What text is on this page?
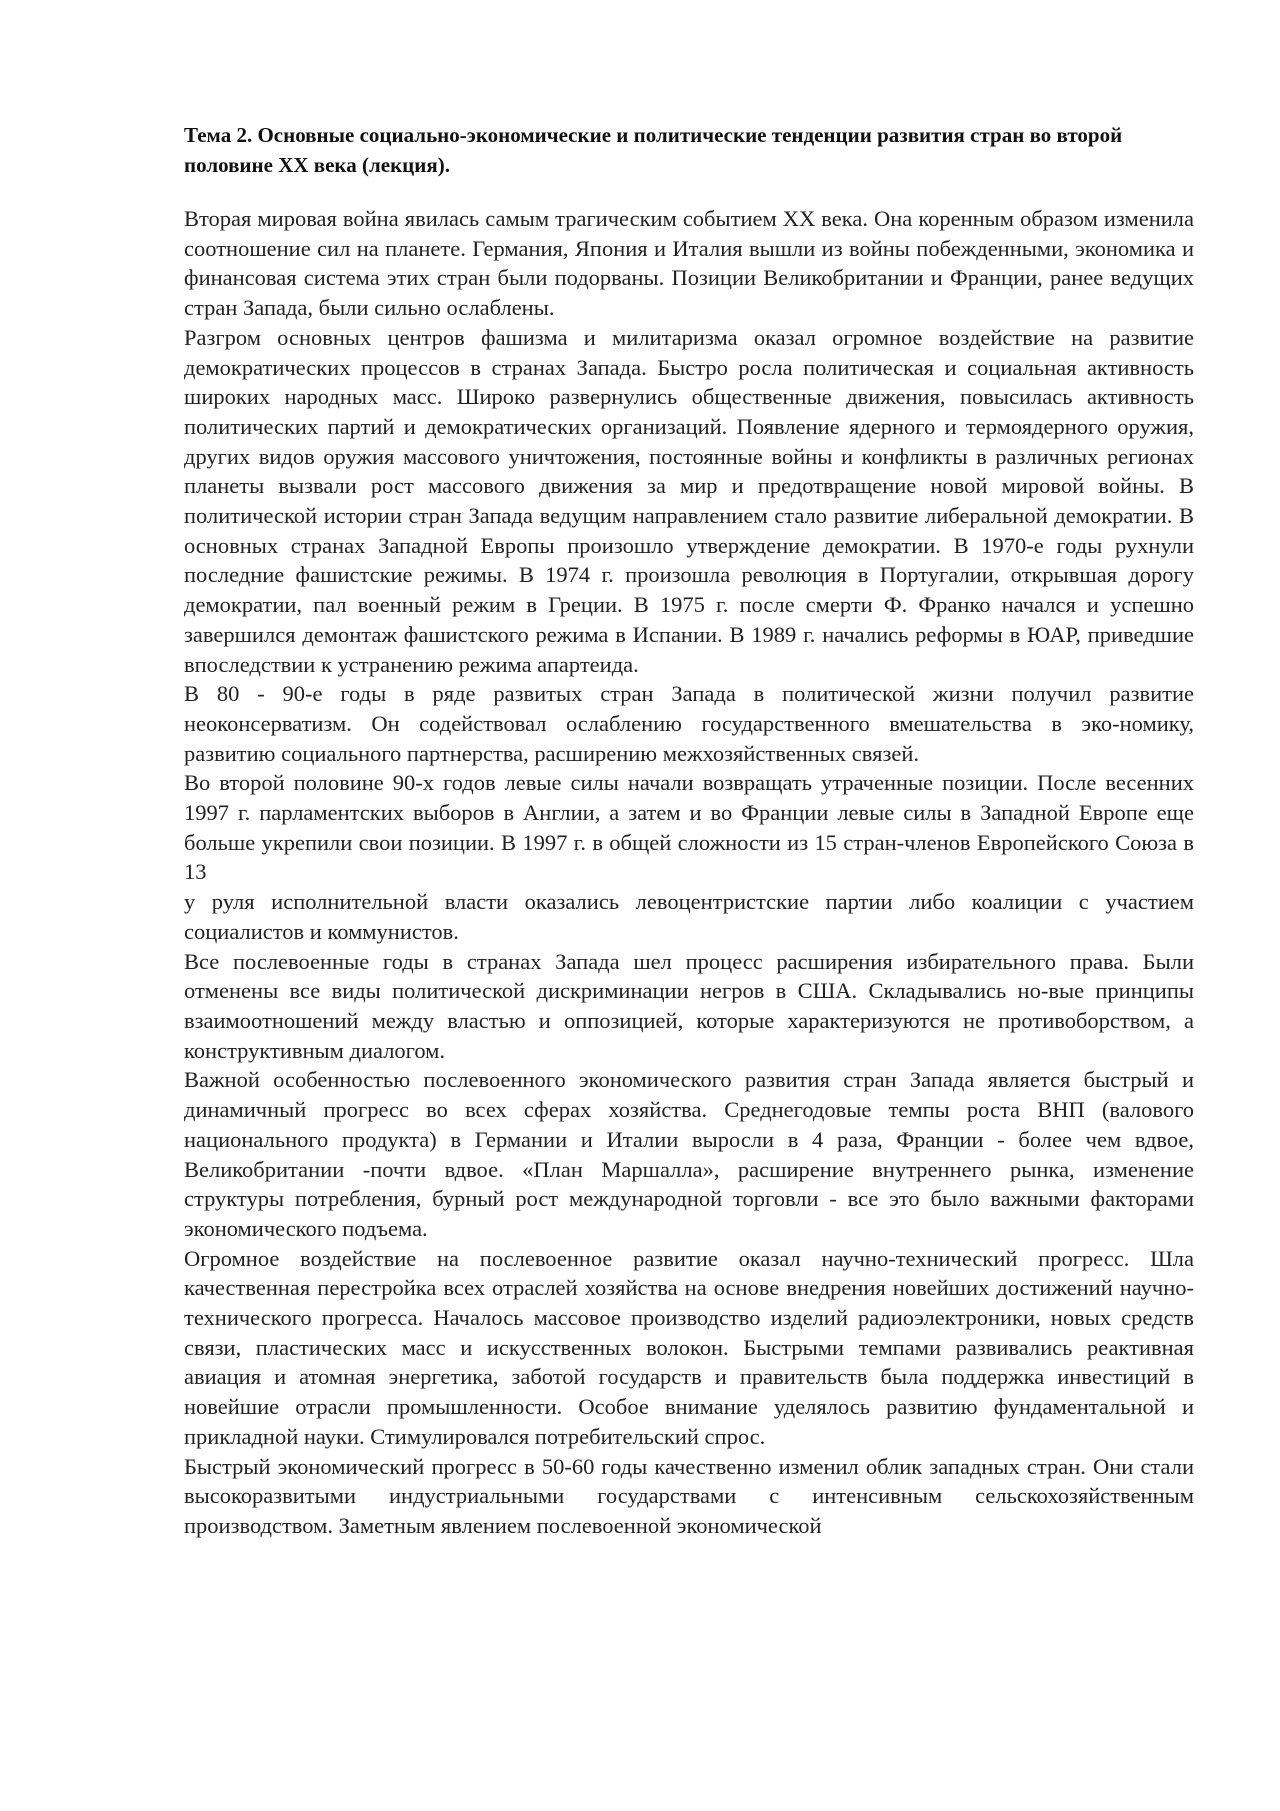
Тема 2. Основные социально-экономические и политические тенденции развития стран во второй половине XX века (лекция).

Вторая мировая война явилась самым трагическим событием XX века. Она коренным образом изменила соотношение сил на планете. Германия, Япония и Италия вышли из войны побежденными, экономика и финансовая система этих стран были подорваны. Позиции Великобритании и Франции, ранее ведущих стран Запада, были сильно ослаблены.

Разгром основных центров фашизма и милитаризма оказал огромное воздействие на развитие демократических процессов в странах Запада. Быстро росла политическая и социальная активность широких народных масс. Широко развернулись общественные движения, повысилась активность политических партий и демократических организаций. Появление ядерного и термоядерного оружия, других видов оружия массового уничтожения, постоянные войны и конфликты в различных регионах планеты вызвали рост массового движения за мир и предотвращение новой мировой войны. В политической истории стран Запада ведущим направлением стало развитие либеральной демократии. В основных странах Западной Европы произошло утверждение демократии. В 1970-е годы рухнули последние фашистские режимы. В 1974 г. произошла революция в Португалии, открывшая дорогу демократии, пал военный режим в Греции. В 1975 г. после смерти Ф. Франко начался и успешно завершился демонтаж фашистского режима в Испании. В 1989 г. начались реформы в ЮАР, приведшие впоследствии к устранению режима апартеида.

В 80 - 90-е годы в ряде развитых стран Запада в политической жизни получил развитие неоконсерватизм. Он содействовал ослаблению государственного вмешательства в эко-номику, развитию социального партнерства, расширению межхозяйственных связей.

Во второй половине 90-х годов левые силы начали возвращать утраченные позиции. После весенних 1997 г. парламентских выборов в Англии, а затем и во Франции левые силы в Западной Европе еще больше укрепили свои позиции. В 1997 г. в общей сложности из 15 стран-членов Европейского Союза в 13

у руля исполнительной власти оказались левоцентристские партии либо коалиции с участием социалистов и коммунистов.

Все послевоенные годы в странах Запада шел процесс расширения избирательного права. Были отменены все виды политической дискриминации негров в США. Складывались но-вые принципы взаимоотношений между властью и оппозицией, которые характеризуются не противоборством, а конструктивным диалогом.

Важной особенностью послевоенного экономического развития стран Запада является быстрый и динамичный прогресс во всех сферах хозяйства. Среднегодовые темпы роста ВНП (валового национального продукта) в Германии и Италии выросли в 4 раза, Франции - более чем вдвое, Великобритании -почти вдвое. «План Маршалла», расширение внутреннего рынка, изменение структуры потребления, бурный рост международной торговли - все это было важными факторами экономического подъема.

Огромное воздействие на послевоенное развитие оказал научно-технический прогресс. Шла качественная перестройка всех отраслей хозяйства на основе внедрения новейших достижений научно-технического прогресса. Началось массовое производство изделий радиоэлектроники, новых средств связи, пластических масс и искусственных волокон. Быстрыми темпами развивались реактивная авиация и атомная энергетика, заботой государств и правительств была поддержка инвестиций в новейшие отрасли промышленности. Особое внимание уделялось развитию фундаментальной и прикладной науки. Стимулировался потребительский спрос.

Быстрый экономический прогресс в 50-60 годы качественно изменил облик западных стран. Они стали высокоразвитыми индустриальными государствами с интенсивным сельскохозяйственным производством. Заметным явлением послевоенной экономической
